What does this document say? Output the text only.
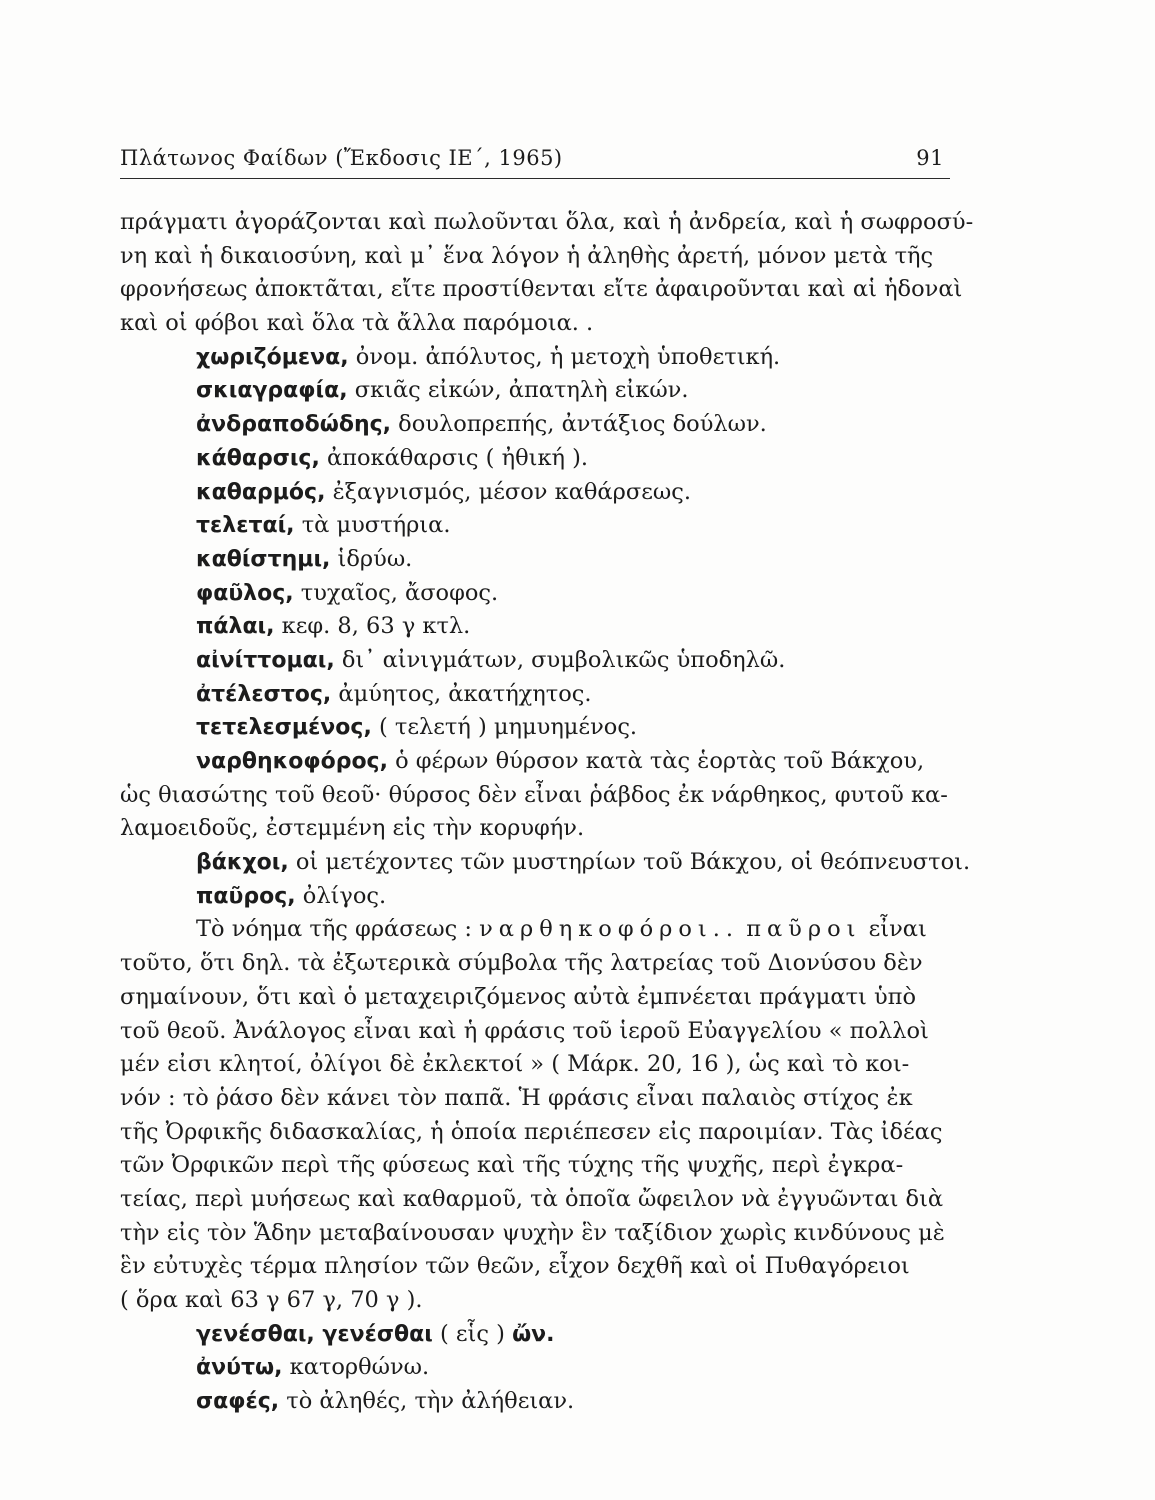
Πλάτωνος Φαίδων (Ἔκδοσις ΙΕ΄, 1965)	91
πράγματι ἀγοράζονται καὶ πωλοῦνται ὅλα, καὶ ἡ ἀνδρεία, καὶ ἡ σωφροσύ-
νη καὶ ἡ δικαιοσύνη, καὶ μ᾽ ἕνα λόγον ἡ ἀληθὴς ἀρετή, μόνον μετὰ τῆς
φρονήσεως ἀποκτᾶται, εἴτε προστίθενται εἴτε ἀφαιροῦνται καὶ αἱ ἡδοναὶ
καὶ οἱ φόβοι καὶ ὅλα τὰ ἄλλα παρόμοια. .
χωριζόμενα, ὀνομ. ἀπόλυτος, ἡ μετοχὴ ὑποθετική.
σκιαγραφία, σκιᾶς εἰκών, ἀπατηλὴ εἰκών.
ἀνδραποδώδης, δουλοπρεπής, ἀντάξιος δούλων.
κάθαρσις, ἀποκάθαρσις ( ἠθική ).
καθαρμός, ἐξαγνισμός, μέσον καθάρσεως.
τελεταί, τὰ μυστήρια.
καθίστημι, ἱδρύω.
φαῦλος, τυχαῖος, ἄσοφος.
πάλαι, κεφ. 8, 63 γ κτλ.
αἰνίττομαι, δι᾽ αἰνιγμάτων, συμβολικῶς ὑποδηλῶ.
ἀτέλεστος, ἀμύητος, ἀκατήχητος.
τετελεσμένος, ( τελετή ) μημυημένος.
ναρθηκοφόρος, ὁ φέρων θύρσον κατὰ τὰς ἑορτὰς τοῦ Βάκχου,
ὡς θιασώτης τοῦ θεοῦ· θύρσος δὲν εἶναι ῥάβδος ἐκ νάρθηκος, φυτοῦ κα-
λαμοειδοῦς, ἐστεμμένη εἰς τὴν κορυφήν.
βάκχοι, οἱ μετέχοντες τῶν μυστηρίων τοῦ Βάκχου, οἱ θεόπνευστοι.
παῦρος, ὀλίγος.
Τὸ νόημα τῆς φράσεως : ναρθηκοφόροι.. παῦροι εἶναι
τοῦτο, ὅτι δηλ. τὰ ἐξωτερικὰ σύμβολα τῆς λατρείας τοῦ Διονύσου δὲν
σημαίνουν, ὅτι καὶ ὁ μεταχειριζόμενος αὐτὰ ἐμπνέεται πράγματι ὑπὸ
τοῦ θεοῦ. Ἀνάλογος εἶναι καὶ ἡ φράσις τοῦ ἱεροῦ Εὐαγγελίου « πολλοὶ
μέν εἰσι κλητοί, ὀλίγοι δὲ ἐκλεκτοί » ( Μάρκ. 20, 16 ), ὡς καὶ τὸ κοι-
νόν : τὸ ῥάσο δὲν κάνει τὸν παπᾶ. Ἡ φράσις εἶναι παλαιὸς στίχος ἐκ
τῆς Ὀρφικῆς διδασκαλίας, ἡ ὁποία περιέπεσεν εἰς παροιμίαν. Τὰς ἰδέας
τῶν Ὀρφικῶν περὶ τῆς φύσεως καὶ τῆς τύχης τῆς ψυχῆς, περὶ ἐγκρα-
τείας, περὶ μυήσεως καὶ καθαρμοῦ, τὰ ὁποῖα ὤφειλον νὰ ἐγγυῶνται διὰ
τὴν εἰς τὸν Ἅδην μεταβαίνουσαν ψυχὴν ἓν ταξίδιον χωρὶς κινδύνους μὲ
ἓν εὐτυχὲς τέρμα πλησίον τῶν θεῶν, εἶχον δεχθῆ καὶ οἱ Πυθαγόρειοι
( ὅρα καὶ 63 γ 67 γ, 70 γ ).
γενέσθαι, γενέσθαι ( εἷς ) ὤν.
ἀνύτω, κατορθώνω.
σαφές, τὸ ἀληθές, τὴν ἀλήθειαν.
